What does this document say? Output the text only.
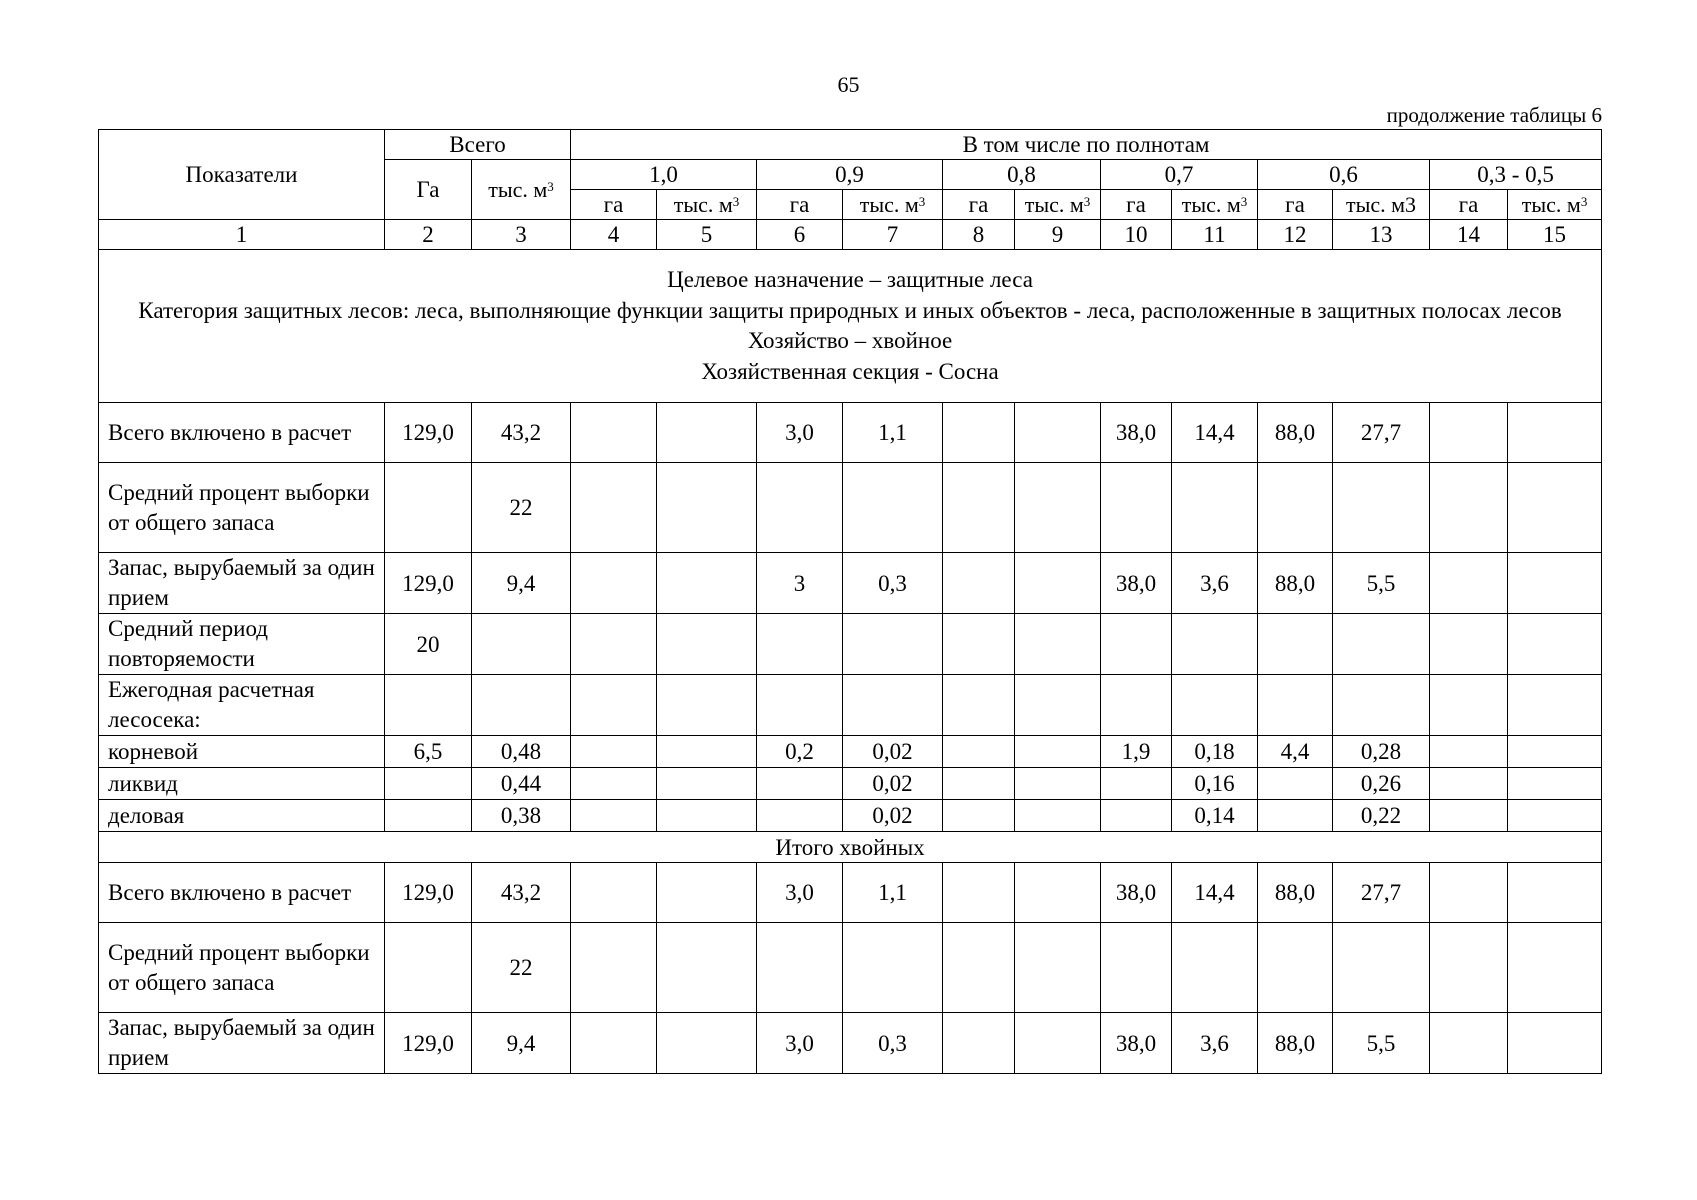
65
продолжение таблицы 6
Показатели	Всего		В том числе по полнотам											
	Га	тыс. $м^3$	1,0		0,9		0,8		0,7		0,6		0,3 - 0,5	
			га	тыс. $м^3$	га	тыс. $м^3$	га	тыс. $м^3$	га	тыс. $м^3$	га	тыс. м3	га	тыс. $м^3$
1	2	3	4	5	6	7	8	9	10	11	12	13	14	15

Целевое назначение – защитные леса
Категория защитных лесов: леса, выполняющие функции защиты природных и иных объектов - леса, расположенные в защитных полосах лесов
Хозяйство – хвойное
Хозяйственная секция - Сосна														

Всего включено в расчет	129,0	43,2			3,0	1,1			38,0	14,4	88,0	27,7		
Средний процент выборки от общего запаса		22												
Запас, вырубаемый за один прием	129,0	9,4			3	0,3			38,0	3,6	88,0	5,5		
Средний период повторяемости	20													
Ежегодная расчетная лесосека:														
корневой	6,5	0,48			0,2	0,02			1,9	0,18	4,4	0,28		
ликвид		0,44				0,02				0,16		0,26		
деловая		0,38				0,02				0,14		0,22		
Итого хвойных														
Всего включено в расчет	129,0	43,2			3,0	1,1			38,0	14,4	88,0	27,7		
Средний процент выборки от общего запаса		22												
Запас, вырубаемый за один прием	129,0	9,4			3,0	0,3			38,0	3,6	88,0	5,5		
